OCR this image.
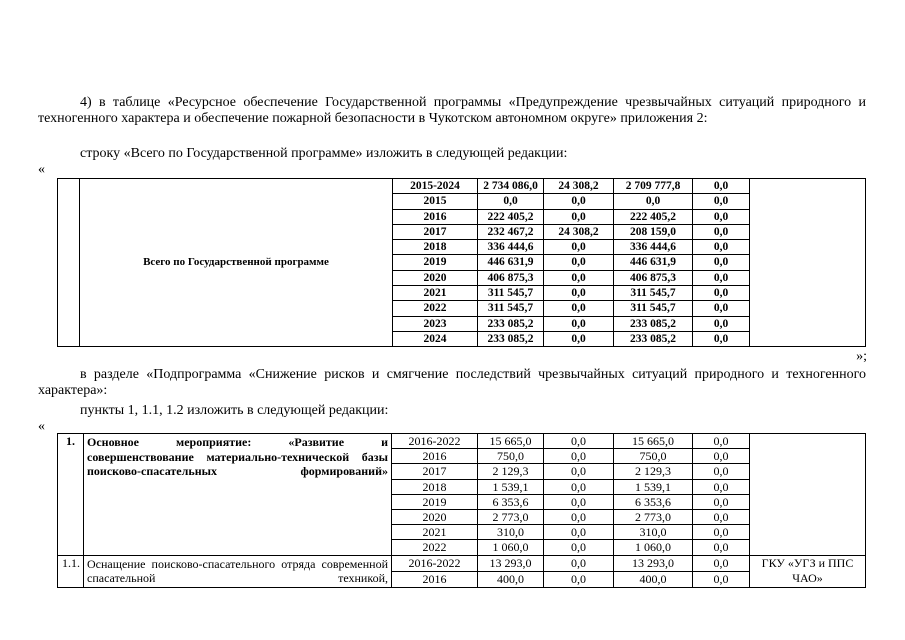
4) в таблице «Ресурсное обеспечение Государственной программы «Предупреждение чрезвычайных ситуаций природного и техногенного характера и обеспечение пожарной безопасности в Чукотском автономном округе» приложения 2:

строку «Всего по Государственной программе» изложить в следующей редакции:

«
	Всего по Государственной программе	2015-2024	2 734 086,0	24 308,2	2 709 777,8	0,0	
		2015	0,0	0,0	0,0	0,0	
		2016	222 405,2	0,0	222 405,2	0,0	
		2017	232 467,2	24 308,2	208 159,0	0,0	
		2018	336 444,6	0,0	336 444,6	0,0	
		2019	446 631,9	0,0	446 631,9	0,0	
		2020	406 875,3	0,0	406 875,3	0,0	
		2021	311 545,7	0,0	311 545,7	0,0	
		2022	311 545,7	0,0	311 545,7	0,0	
		2023	233 085,2	0,0	233 085,2	0,0	
		2024	233 085,2	0,0	233 085,2	0,0	
»;

в разделе «Подпрограмма «Снижение рисков и смягчение последствий чрезвычайных ситуаций природного и техногенного характера»:

пункты 1, 1.1, 1.2 изложить в следующей редакции:

«
1.	Основное мероприятие: «Развитие и совершенствование материально-технической базы поисково-спасательных формирований»	2016-2022	15 665,0	0,0	15 665,0	0,0	
		2016	750,0	0,0	750,0	0,0	
		2017	2 129,3	0,0	2 129,3	0,0	
		2018	1 539,1	0,0	1 539,1	0,0	
		2019	6 353,6	0,0	6 353,6	0,0	
		2020	2 773,0	0,0	2 773,0	0,0	
		2021	310,0	0,0	310,0	0,0	
		2022	1 060,0	0,0	1 060,0	0,0	
1.1.	Оснащение поисково-спасательного отряда современной спасательной техникой,	2016-2022	13 293,0	0,0	13 293,0	0,0	ГКУ «УГЗ и ППС ЧАО»
		2016	400,0	0,0	400,0	0,0	
